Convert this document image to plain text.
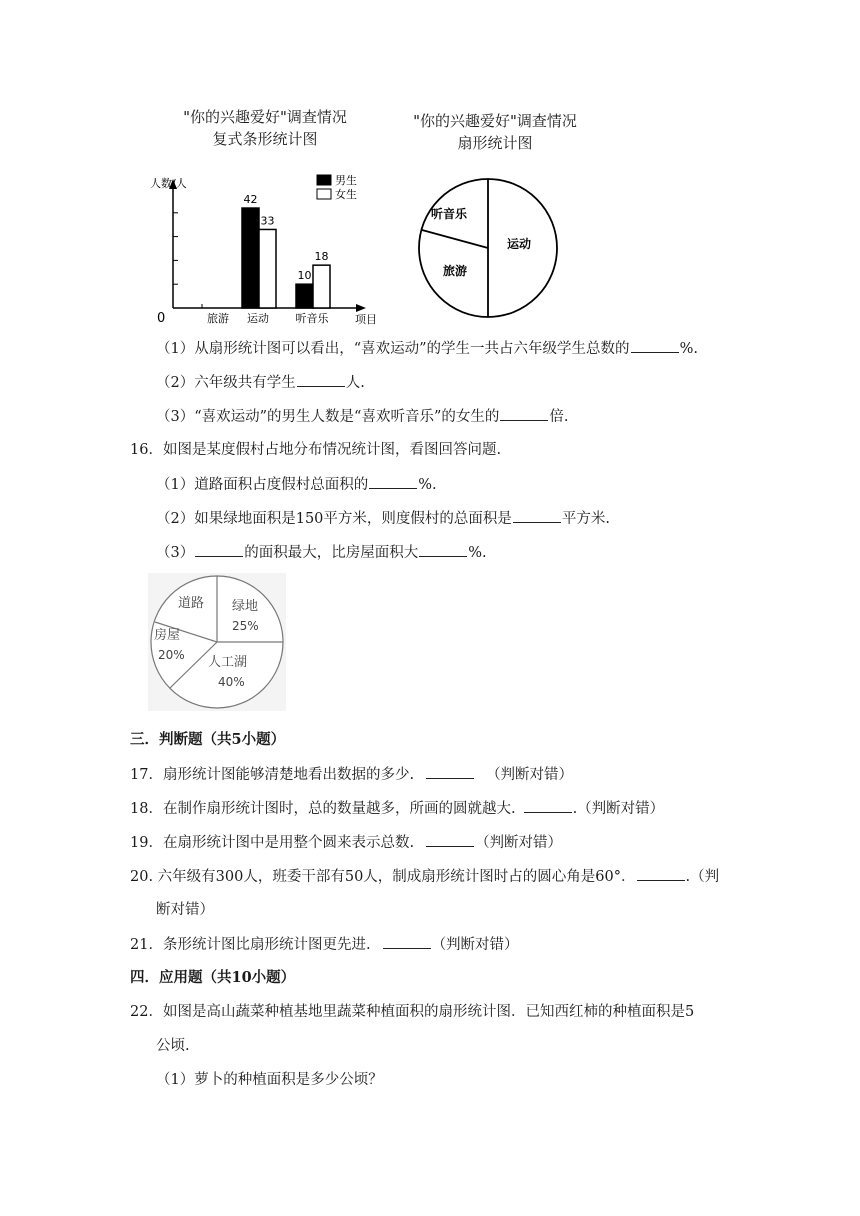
"你的兴趣爱好"调查情况
复式条形统计图
"你的兴趣爱好"调查情况
扇形统计图
人数/人
项目
0
42
33
10
18
旅游 运动 听音乐
男生
女生
运动
旅游
听音乐
（1）从扇形统计图可以看出，“喜欢运动”的学生一共占六年级学生总数的	%.
（2）六年级共有学生	人.
（3）“喜欢运动”的男生人数是“喜欢听音乐”的女生的	倍.
16．如图是某度假村占地分布情况统计图，看图回答问题.
（1）道路面积占度假村总面积的	%.
（2）如果绿地面积是150平方米，则度假村的总面积是	平方米.
（3）	的面积最大，比房屋面积大	%.
道路 绿地
25%
房屋
20% 人工湖
40%
三．判断题（共5小题）
17．扇形统计图能够清楚地看出数据的多少.	（判断对错）
18．在制作扇形统计图时，总的数量越多，所画的圆就越大.	.（判断对错）
19．在扇形统计图中是用整个圆来表示总数.	（判断对错）
20. 六年级有300人，班委干部有50人，制成扇形统计图时占的圆心角是60°．	.（判
断对错）
21．条形统计图比扇形统计图更先进.	（判断对错）
四．应用题（共10小题）
22．如图是高山蔬菜种植基地里蔬菜种植面积的扇形统计图．已知西红柿的种植面积是5
公顷.
（1）萝卜的种植面积是多少公顷？
